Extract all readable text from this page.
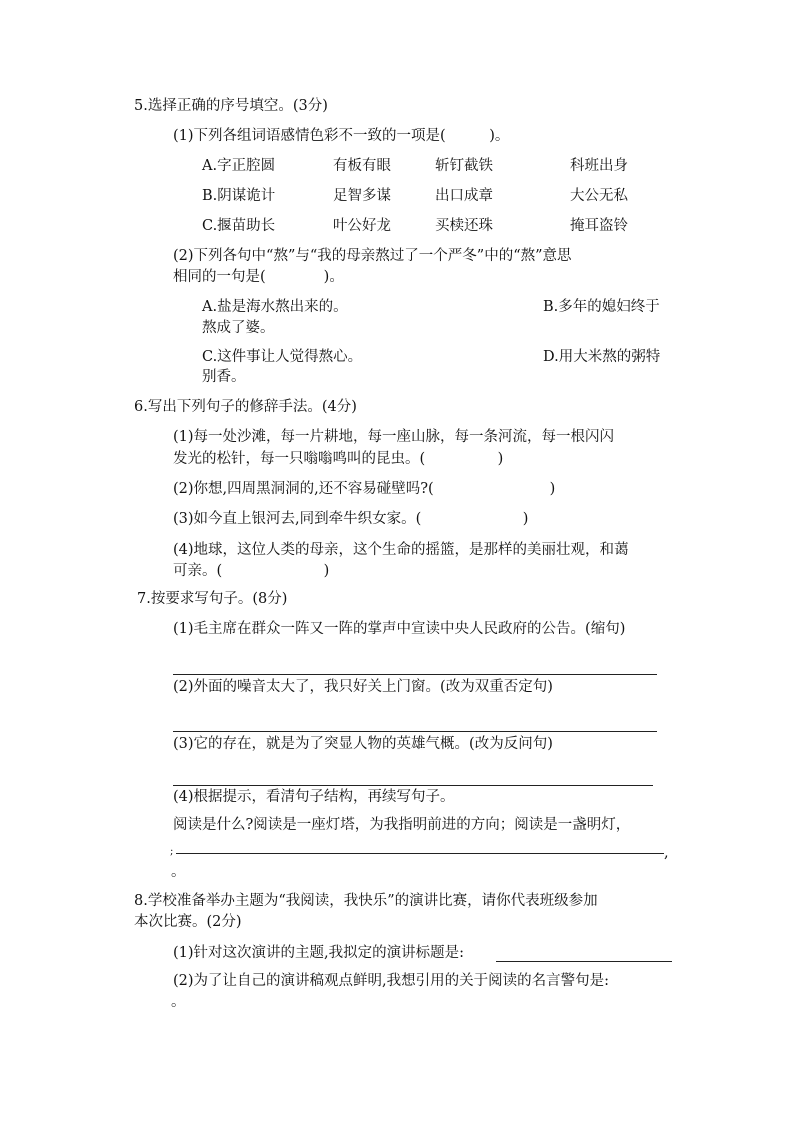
5.选择正确的序号填空。(3分)
(1)下列各组词语感情色彩不一致的一项是(　　　)。
A.字正腔圆	有板有眼	斩钉截铁	科班出身
B.阴谋诡计	足智多谋	出口成章	大公无私
C.揠苗助长	叶公好龙	买椟还珠	掩耳盗铃
(2)下列各句中“熬”与“我的母亲熬过了一个严冬”中的“熬”意思
相同的一句是(　　　　)。
A.盐是海水熬出来的。	B.多年的媳妇终于
熬成了婆。
C.这件事让人觉得熬心。	D.用大米熬的粥特
别香。
6.写出下列句子的修辞手法。(4分)
(1)每一处沙滩，每一片耕地，每一座山脉，每一条河流，每一根闪闪
发光的松针，每一只嗡嗡鸣叫的昆虫。(　　　　　)
(2)你想,四周黑洞洞的,还不容易碰壁吗?(　　　　　　　　)
(3)如今直上银河去,同到牵牛织女家。(　　　　　　　)
(4)地球，这位人类的母亲，这个生命的摇篮，是那样的美丽壮观，和蔼
可亲。(　　　　　　　)
7.按要求写句子。(8分)
(1)毛主席在群众一阵又一阵的掌声中宣读中央人民政府的公告。(缩句)
(2)外面的噪音太大了，我只好关上门窗。(改为双重否定句)
(3)它的存在，就是为了突显人物的英雄气概。(改为反问句)
(4)根据提示，看清句子结构，再续写句子。
阅读是什么?阅读是一座灯塔，为我指明前进的方向；阅读是一盏明灯，
;	,
。
8.学校准备举办主题为“我阅读，我快乐”的演讲比赛，请你代表班级参加
本次比赛。(2分)
(1)针对这次演讲的主题,我拟定的演讲标题是:
(2)为了让自己的演讲稿观点鲜明,我想引用的关于阅读的名言警句是:
。
